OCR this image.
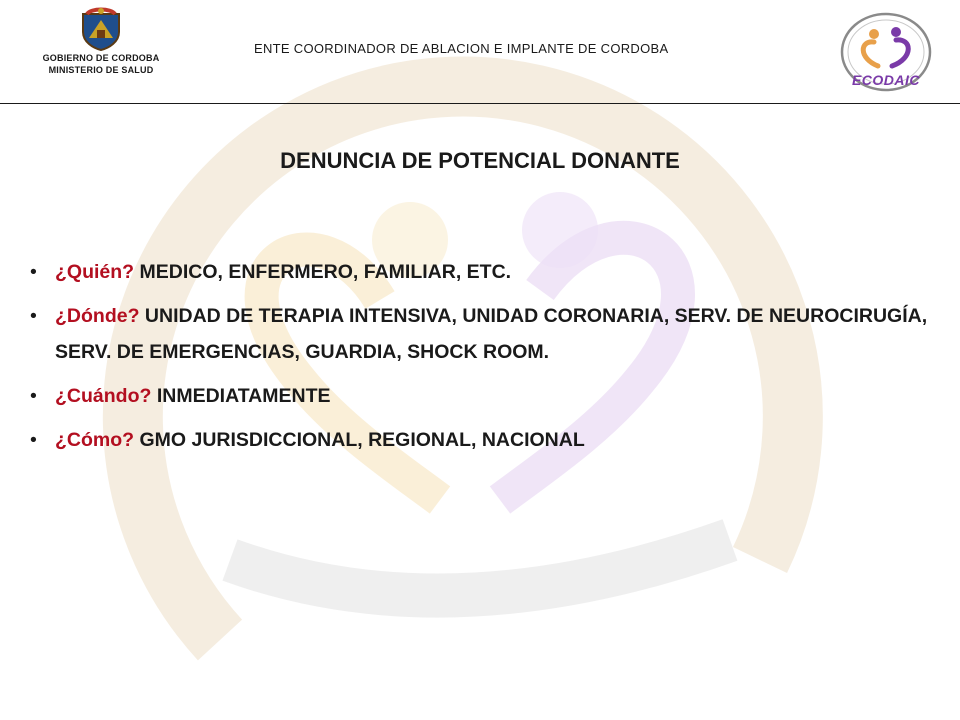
GOBIERNO DE CORDOBA
MINISTERIO DE SALUD
ENTE COORDINADOR DE ABLACION E IMPLANTE DE CORDOBA
ECODAIC
DENUNCIA DE POTENCIAL DONANTE
• ¿Quién? MEDICO, ENFERMERO, FAMILIAR, ETC.
• ¿Dónde? UNIDAD DE TERAPIA INTENSIVA, UNIDAD CORONARIA, SERV. DE NEUROCIRUGÍA, SERV. DE EMERGENCIAS, GUARDIA, SHOCK ROOM.
• ¿Cuándo? INMEDIATAMENTE
• ¿Cómo? GMO JURISDICCIONAL, REGIONAL, NACIONAL
